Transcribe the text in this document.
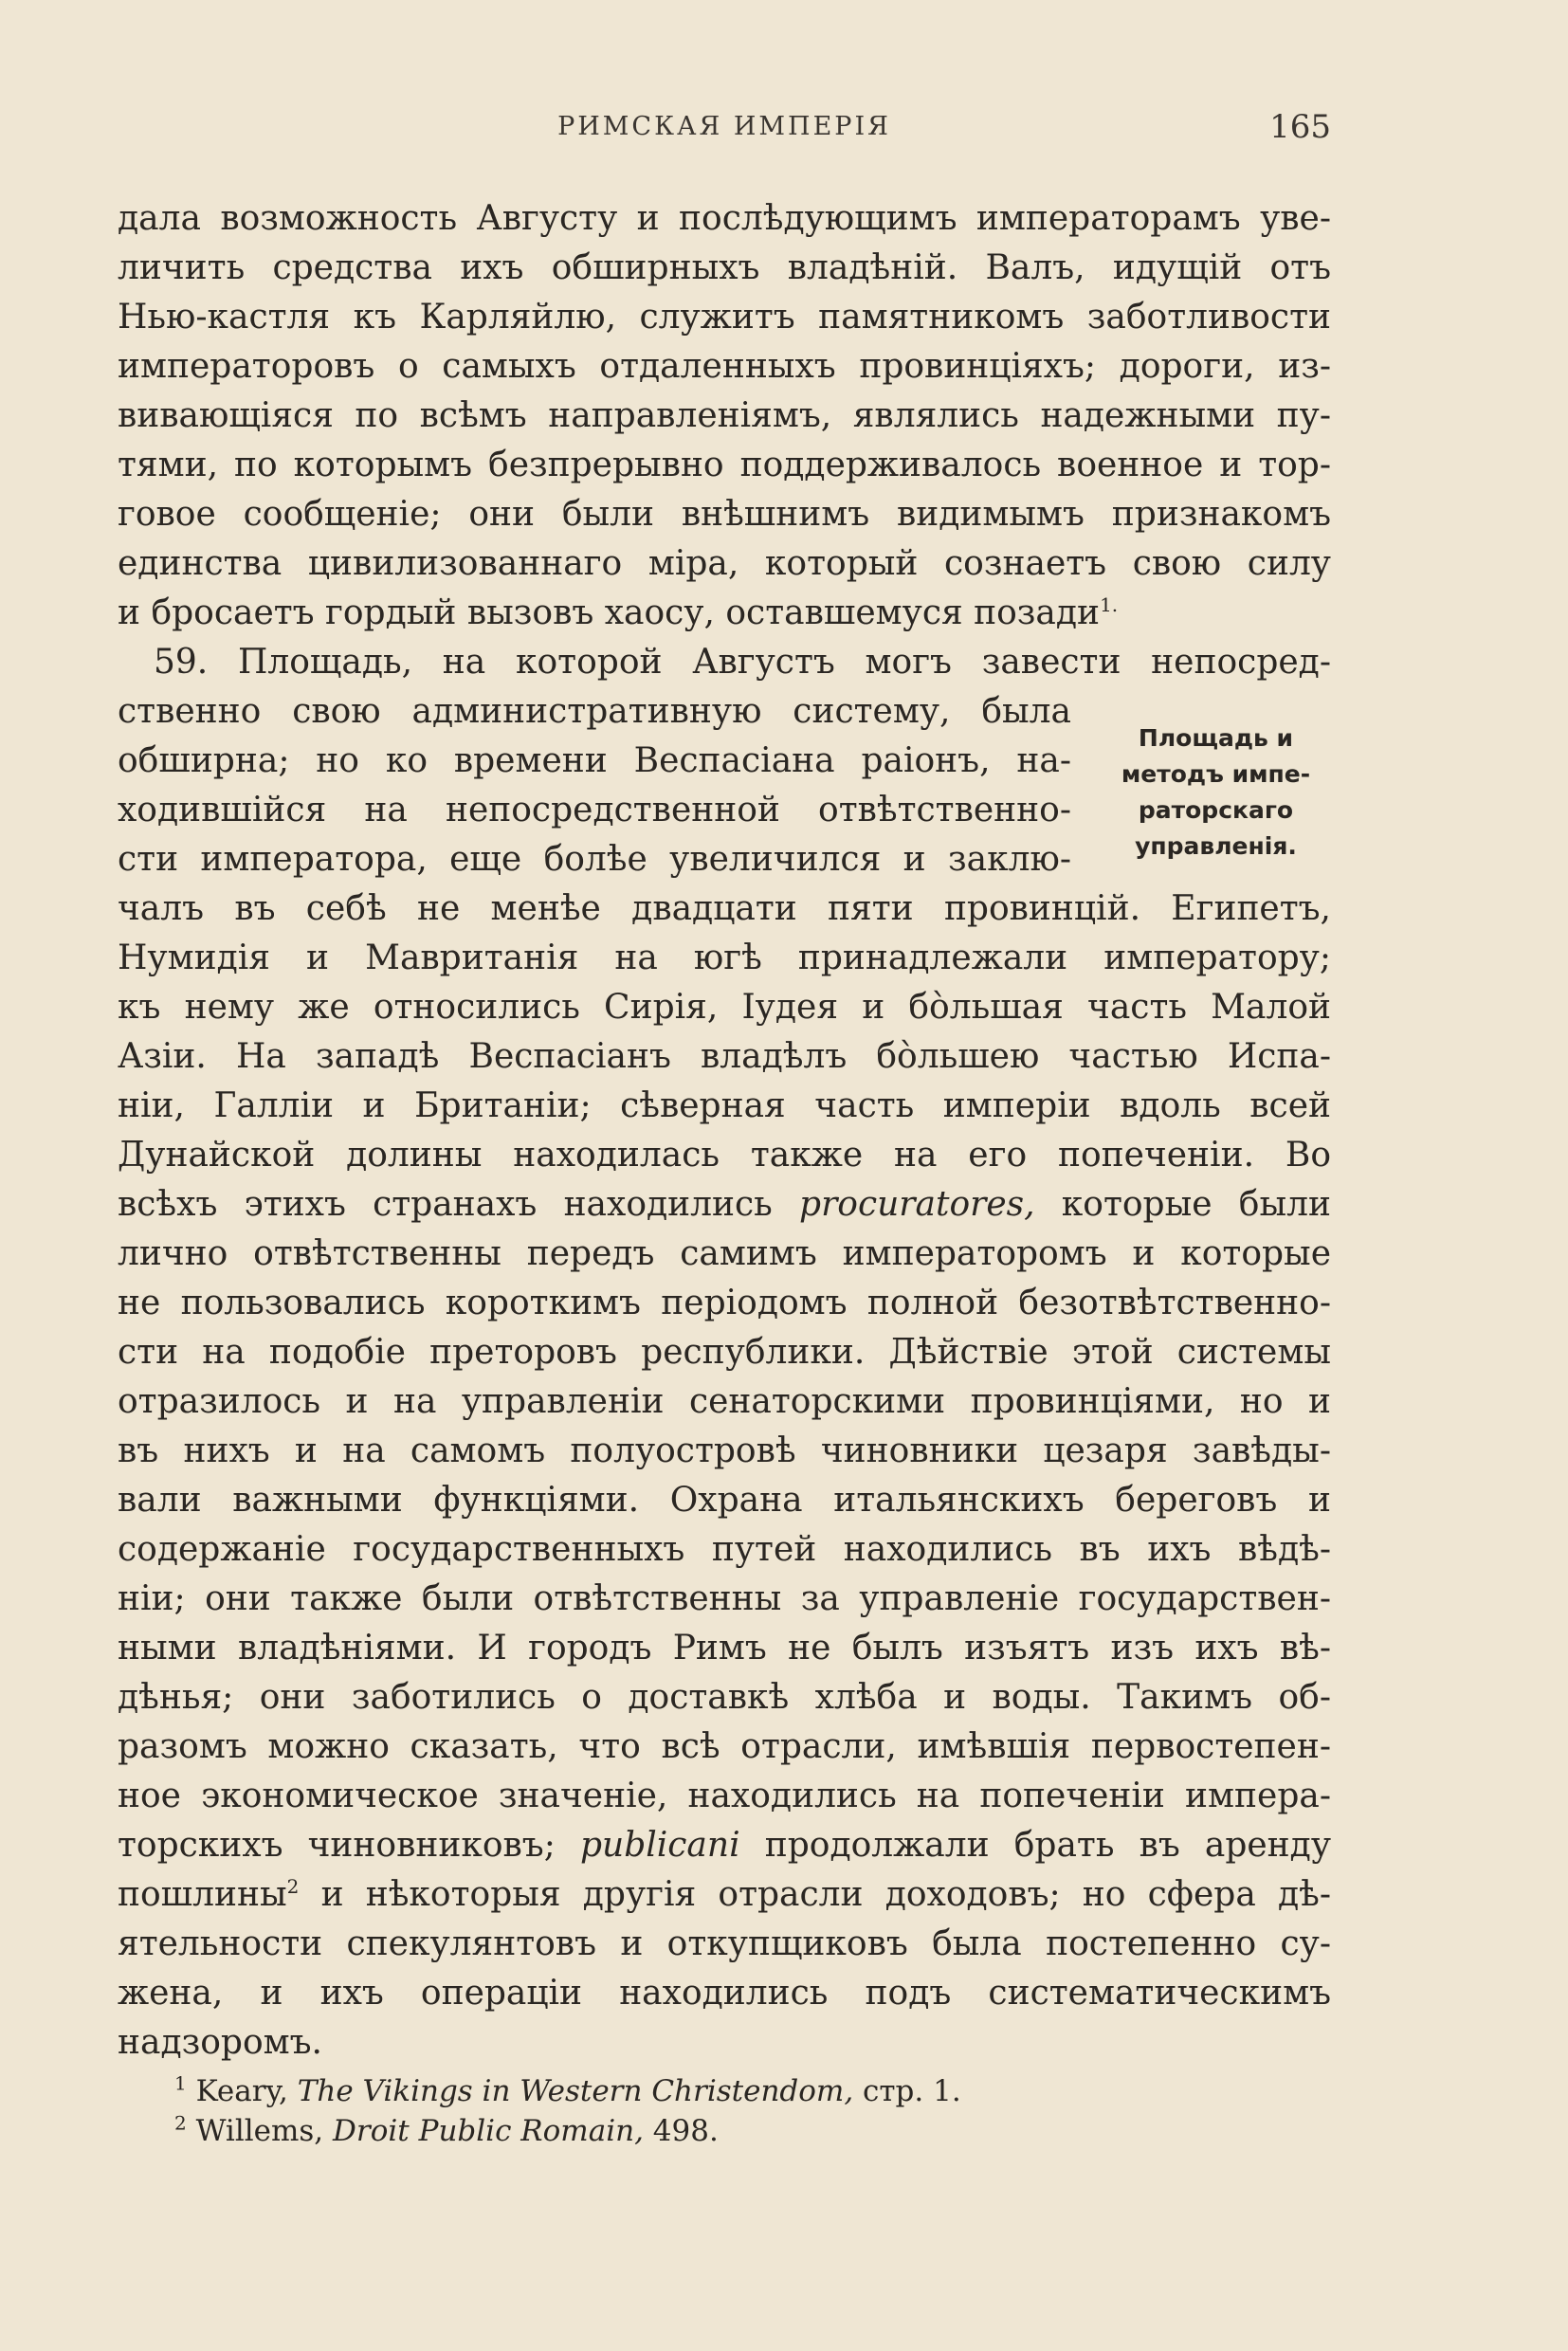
РИМСКАЯ ИМПЕРІЯ	165
дала возможность Августу и послѣдующимъ императорамъ уве-
личить средства ихъ обширныхъ владѣній. Валъ, идущій отъ
Нью-кастля къ Карляйлю, служитъ памятникомъ заботливости
императоровъ о самыхъ отдаленныхъ провинціяхъ; дороги, из-
вивающіяся по всѣмъ направленіямъ, являлись надежными пу-
тями, по которымъ безпрерывно поддерживалось военное и тор-
говое сообщеніе; они были внѣшнимъ видимымъ признакомъ
единства цивилизованнаго міра, который сознаетъ свою силу
и бросаетъ гордый вызовъ хаосу, оставшемуся позади$^{1.}$
59. Площадь, на которой Августъ могъ завести непосред-
ственно свою административную систему, была
обширна; но ко времени Веспасіана раіонъ, на-
ходившійся на непосредственной отвѣтственно-
сти императора, еще болѣе увеличился и заклю-
чалъ въ себѣ не менѣе двадцати пяти провинцій. Египетъ,
Нумидія и Мавританія на югѣ принадлежали императору;
къ нему же относились Сирія, Іудея и бо̀льшая часть Малой
Азіи. На западѣ Веспасіанъ владѣлъ бо̀льшею частью Испа-
ніи, Галліи и Британіи; сѣверная часть имперіи вдоль всей
Дунайской долины находилась также на его попеченіи. Во
всѣхъ этихъ странахъ находились procuratores, которые были
лично отвѣтственны передъ самимъ императоромъ и которые
не пользовались короткимъ періодомъ полной безотвѣтственно-
сти на подобіе преторовъ республики. Дѣйствіе этой системы
отразилось и на управленіи сенаторскими провинціями, но и
въ нихъ и на самомъ полуостровѣ чиновники цезаря завѣды-
вали важными функціями. Охрана итальянскихъ береговъ и
содержаніе государственныхъ путей находились въ ихъ вѣдѣ-
ніи; они также были отвѣтственны за управленіе государствен-
ными владѣніями. И городъ Римъ не былъ изъятъ изъ ихъ вѣ-
дѣнья; они заботились о доставкѣ хлѣба и воды. Такимъ об-
разомъ можно сказать, что всѣ отрасли, имѣвшія первостепен-
ное экономическое значеніе, находились на попеченіи импера-
торскихъ чиновниковъ; publicani продолжали брать въ аренду
пошлины$^2$ и нѣкоторыя другія отрасли доходовъ; но сфера дѣ-
ятельности спекулянтовъ и откупщиковъ была постепенно су-
жена, и ихъ операціи находились подъ систематическимъ
надзоромъ.
Площадь и
методъ импе-
раторскаго
управленія.
$^1$ Keary, The Vikings in Western Christendom, стр. 1.
$^2$ Willems, Droit Public Romain, 498.
